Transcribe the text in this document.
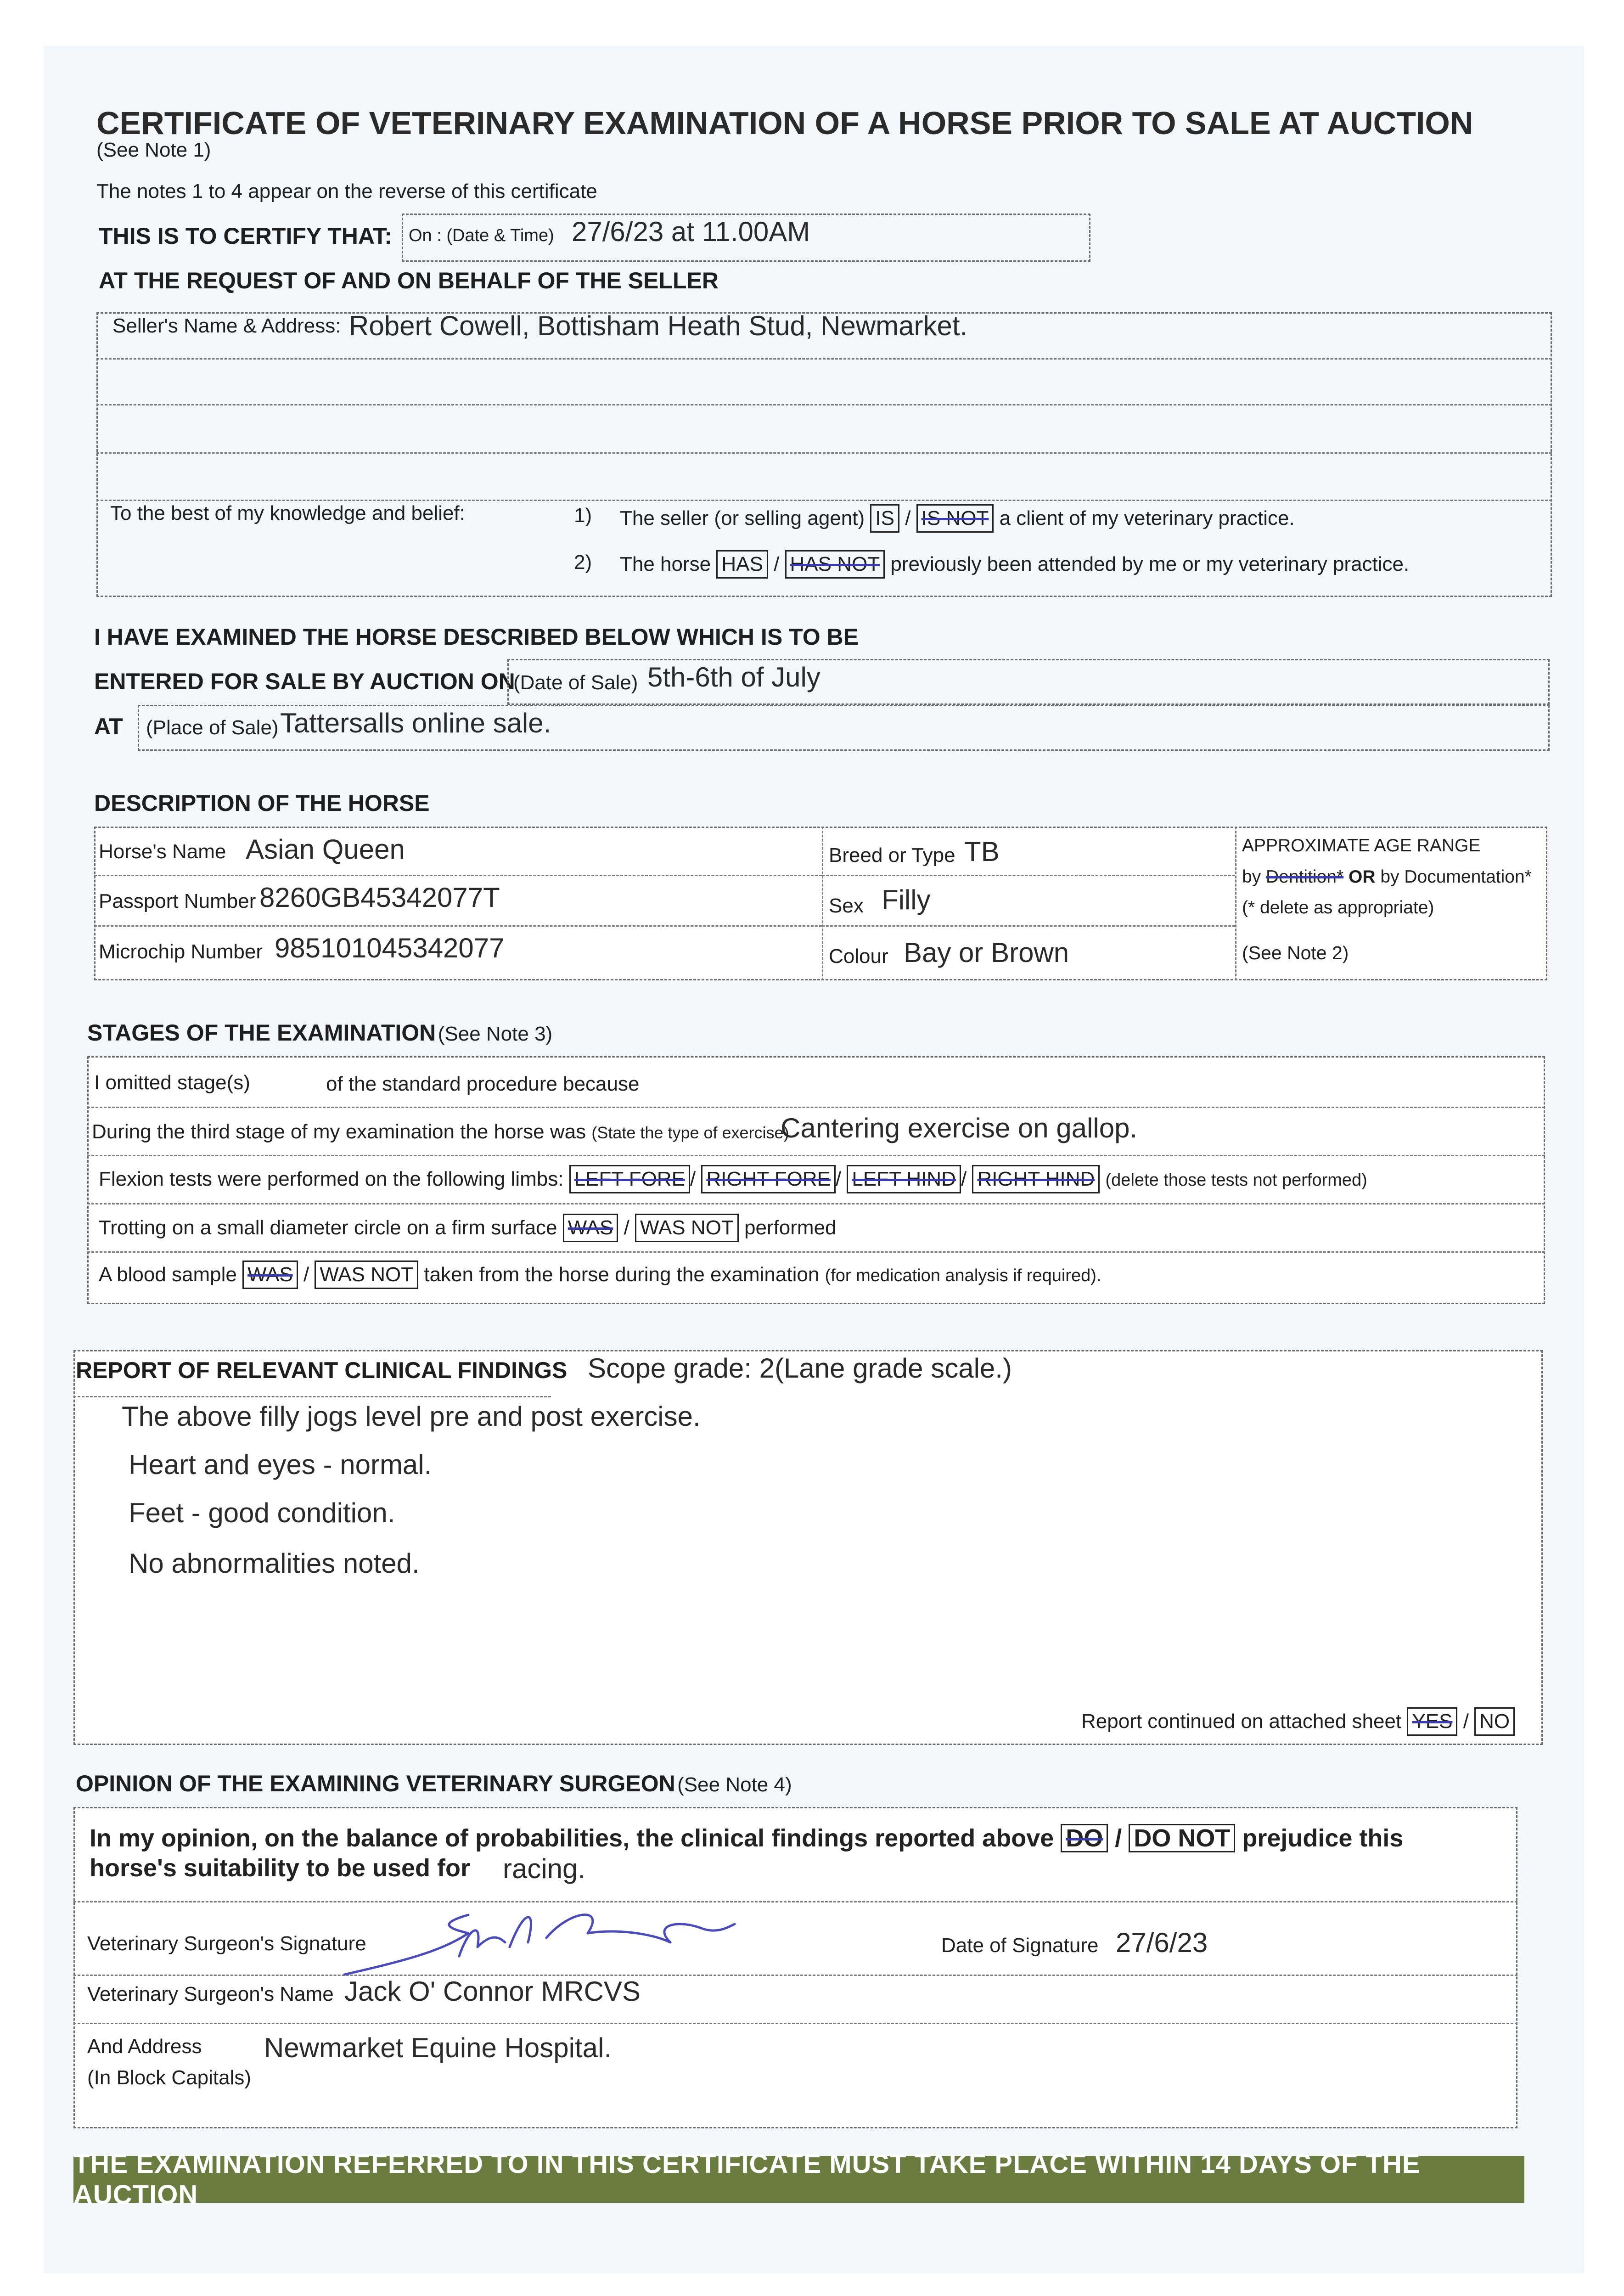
CERTIFICATE OF VETERINARY EXAMINATION OF A HORSE PRIOR TO SALE AT AUCTION
(See Note 1)
The notes 1 to 4 appear on the reverse of this certificate
THIS IS TO CERTIFY THAT: On : (Date & Time) 27/6/23 at 11.00AM
AT THE REQUEST OF AND ON BEHALF OF THE SELLER
Seller's Name & Address: Robert Cowell, Bottisham Heath Stud, Newmarket.
To the best of my knowledge and belief:	1) The seller (or selling agent) IS / IS NOT a client of my veterinary practice.
2) The horse HAS / HAS NOT previously been attended by me or my veterinary practice.
I HAVE EXAMINED THE HORSE DESCRIBED BELOW WHICH IS TO BE
ENTERED FOR SALE BY AUCTION ON
(Date of Sale) 5th-6th of July
AT (Place of Sale) Tattersalls online sale.
DESCRIPTION OF THE HORSE
Horse's Name Asian Queen
Passport Number 8260GB45342077T
Microchip Number 985101045342077
Breed or Type TB
Sex Filly
Colour Bay or Brown
APPROXIMATE AGE RANGE
by Dentition* OR by Documentation*
(* delete as appropriate)
(See Note 2)
STAGES OF THE EXAMINATION (See Note 3)
I omitted stage(s)	of the standard procedure because
During the third stage of my examination the horse was (State the type of exercise)
Cantering exercise on gallop.
Flexion tests were performed on the following limbs: LEFT FORE / RIGHT FORE / LEFT HIND / RIGHT HIND (delete those tests not performed)
Trotting on a small diameter circle on a firm surface WAS / WAS NOT performed
A blood sample WAS / WAS NOT taken from the horse during the examination (for medication analysis if required).
REPORT OF RELEVANT CLINICAL FINDINGS Scope grade: 2(Lane grade scale.)
The above filly jogs level pre and post exercise.
Heart and eyes - normal.
Feet - good condition.
No abnormalities noted.
Report continued on attached sheet YES / NO
OPINION OF THE EXAMINING VETERINARY SURGEON (See Note 4)
In my opinion, on the balance of probabilities, the clinical findings reported above DO / DO NOT prejudice this
horse's suitability to be used for racing.
Veterinary Surgeon's Signature	Date of Signature 27/6/23
Veterinary Surgeon's Name Jack O' Connor MRCVS
And Address
(In Block Capitals)
Newmarket Equine Hospital.
THE EXAMINATION REFERRED TO IN THIS CERTIFICATE MUST TAKE PLACE WITHIN 14 DAYS OF THE AUCTION
